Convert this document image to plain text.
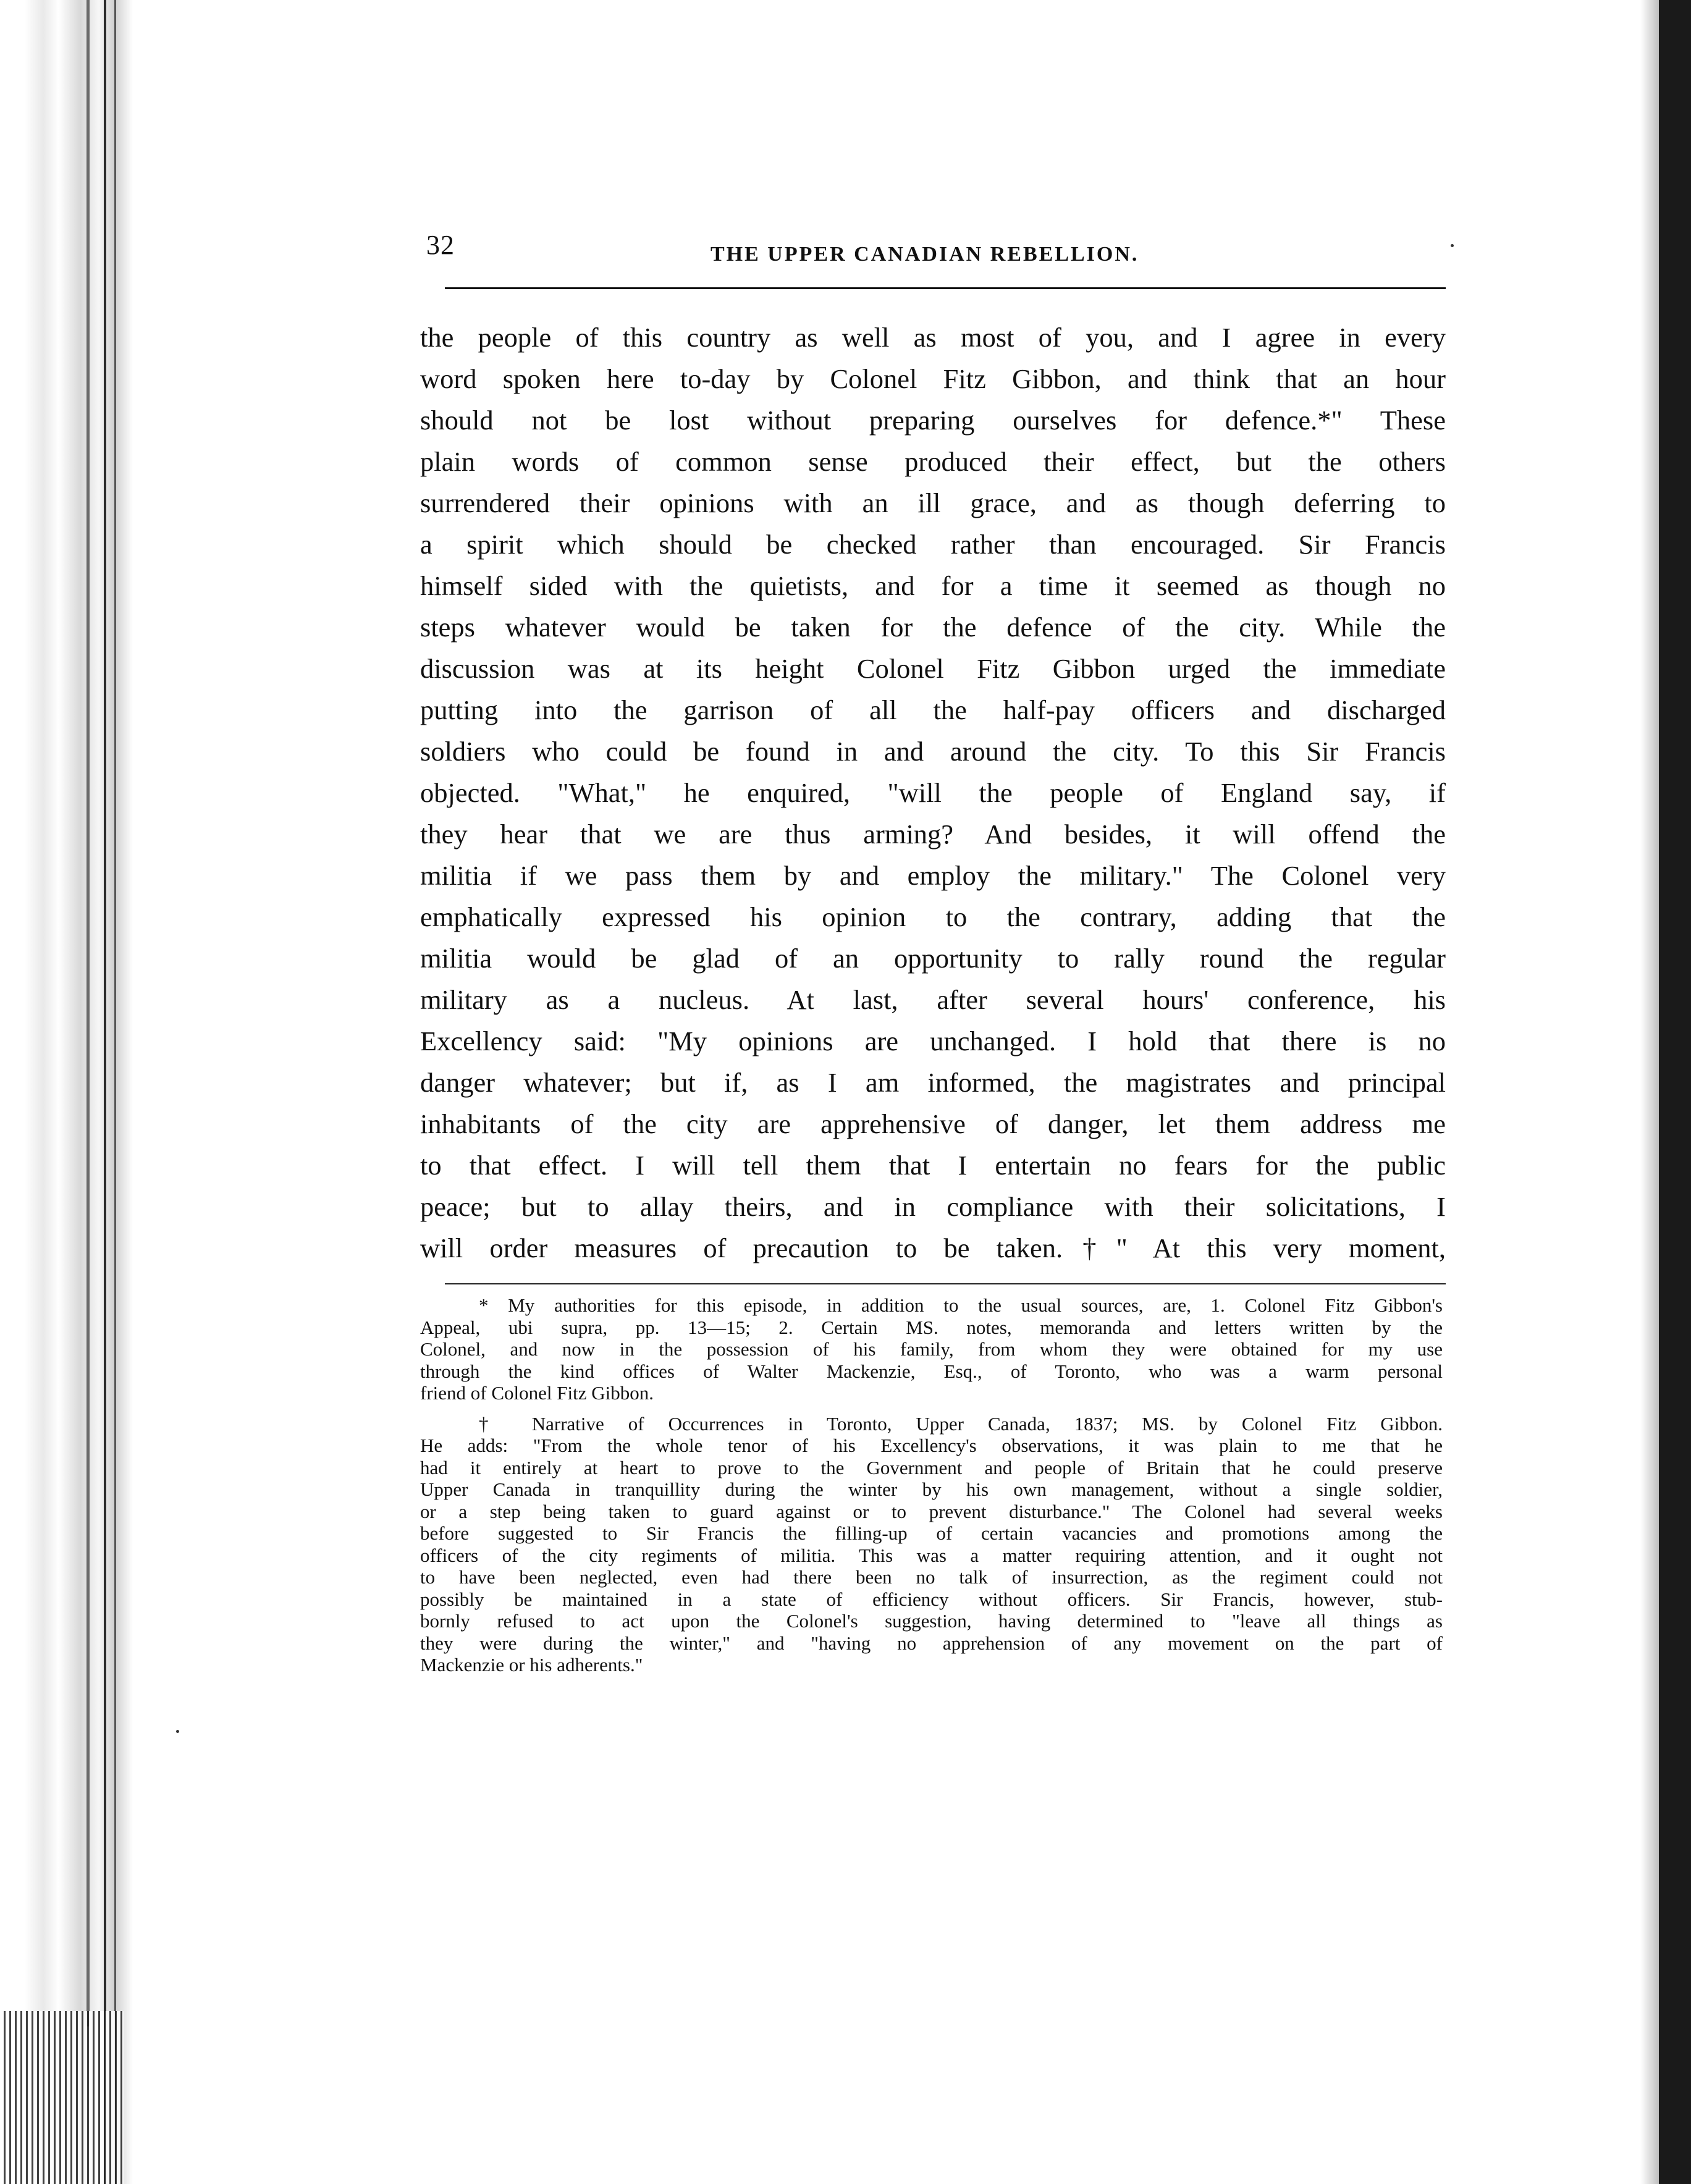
32	THE UPPER CANADIAN REBELLION.
the people of this country as well as most of you, and I agree in every
word spoken here to-day by Colonel Fitz Gibbon, and think that an hour
should not be lost without preparing ourselves for defence.*" These
plain words of common sense produced their effect, but the others
surrendered their opinions with an ill grace, and as though deferring to
a spirit which should be checked rather than encouraged. Sir Francis
himself sided with the quietists, and for a time it seemed as though no
steps whatever would be taken for the defence of the city. While the
discussion was at its height Colonel Fitz Gibbon urged the immediate
putting into the garrison of all the half-pay officers and discharged
soldiers who could be found in and around the city. To this Sir Francis
objected. "What," he enquired, "will the people of England say, if
they hear that we are thus arming? And besides, it will offend the
militia if we pass them by and employ the military." The Colonel very
emphatically expressed his opinion to the contrary, adding that the
militia would be glad of an opportunity to rally round the regular
military as a nucleus. At last, after several hours' conference, his
Excellency said: "My opinions are unchanged. I hold that there is no
danger whatever; but if, as I am informed, the magistrates and principal
inhabitants of the city are apprehensive of danger, let them address me
to that effect. I will tell them that I entertain no fears for the public
peace; but to allay theirs, and in compliance with their solicitations, I
will order measures of precaution to be taken.†" At this very moment,
* My authorities for this episode, in addition to the usual sources, are, 1. Colonel Fitz Gibbon's
Appeal, ubi supra, pp. 13—15; 2. Certain MS. notes, memoranda and letters written by the
Colonel, and now in the possession of his family, from whom they were obtained for my use
through the kind offices of Walter Mackenzie, Esq., of Toronto, who was a warm personal
friend of Colonel Fitz Gibbon.
† Narrative of Occurrences in Toronto, Upper Canada, 1837; MS. by Colonel Fitz Gibbon.
He adds: "From the whole tenor of his Excellency's observations, it was plain to me that he
had it entirely at heart to prove to the Government and people of Britain that he could preserve
Upper Canada in tranquillity during the winter by his own management, without a single soldier,
or a step being taken to guard against or to prevent disturbance." The Colonel had several weeks
before suggested to Sir Francis the filling-up of certain vacancies and promotions among the
officers of the city regiments of militia. This was a matter requiring attention, and it ought not
to have been neglected, even had there been no talk of insurrection, as the regiment could not
possibly be maintained in a state of efficiency without officers. Sir Francis, however, stub-
bornly refused to act upon the Colonel's suggestion, having determined to "leave all things as
they were during the winter," and "having no apprehension of any movement on the part of
Mackenzie or his adherents."
